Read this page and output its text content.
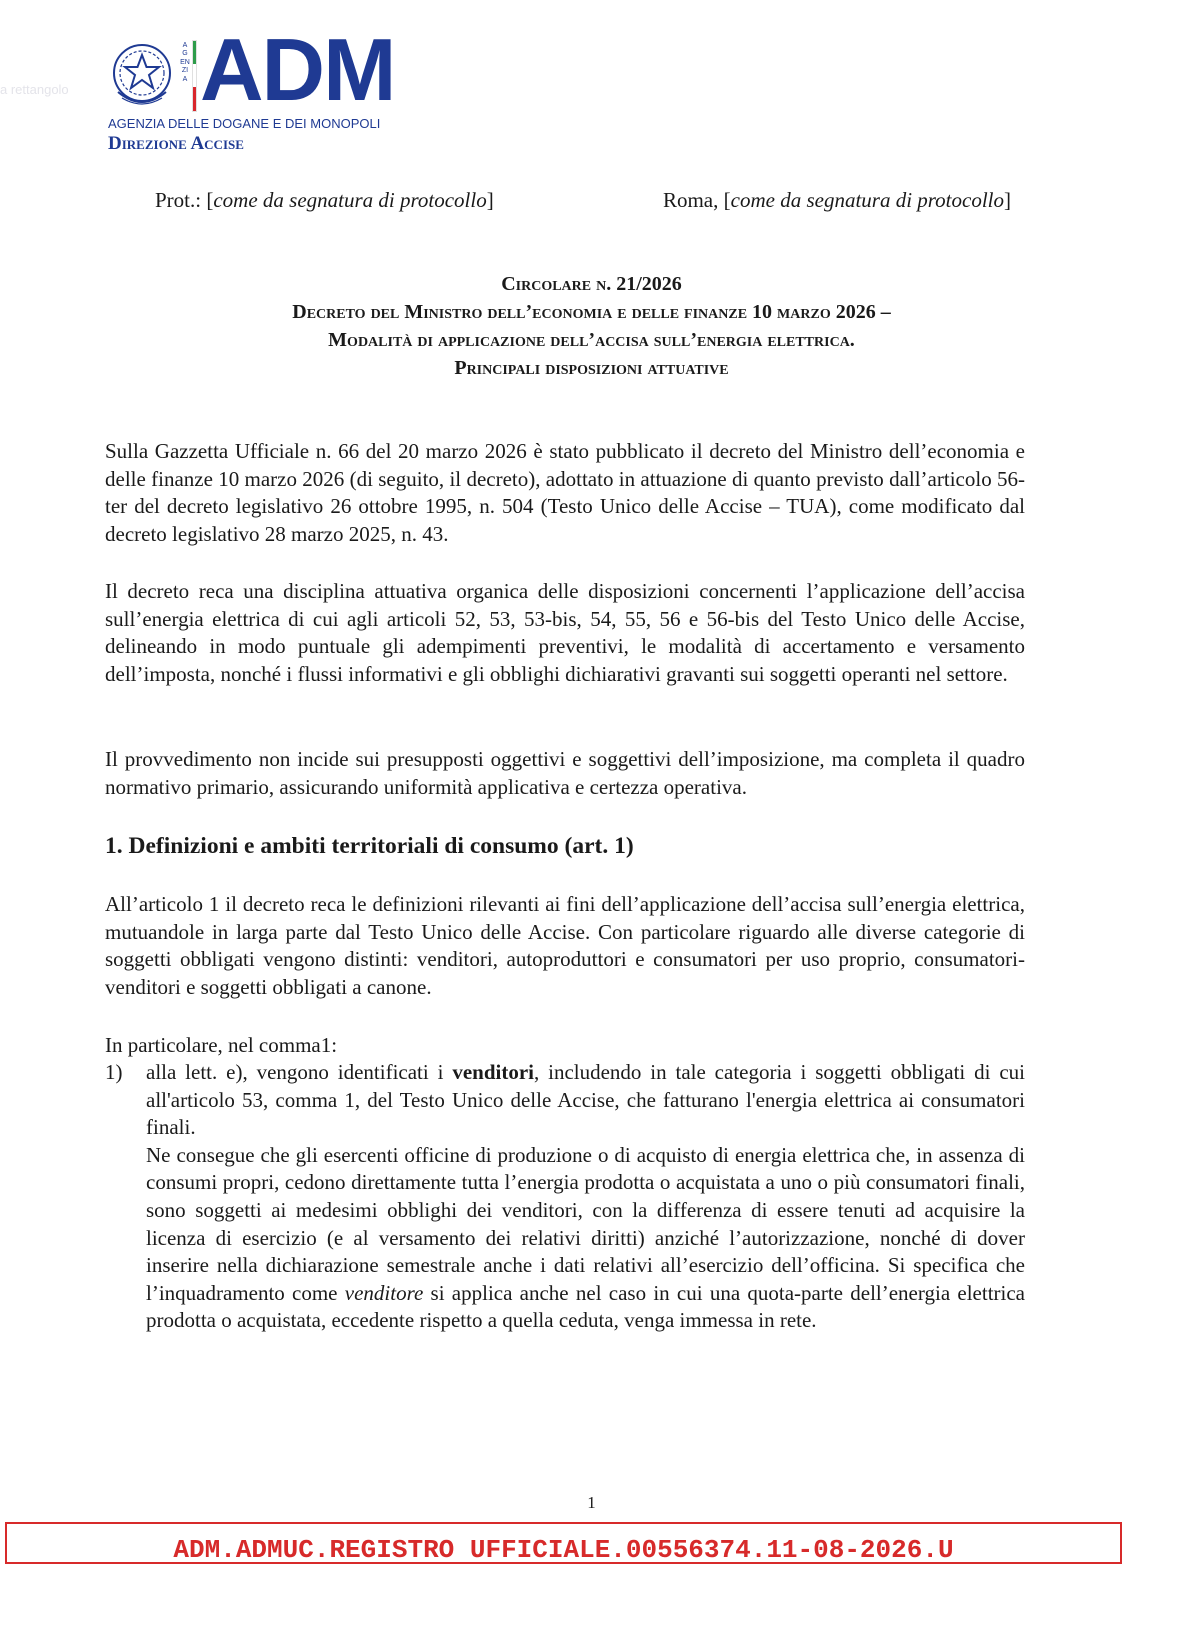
a rettangolo
AGENZIA ADM
AGENZIA DELLE DOGANE E DEI MONOPOLI
Direzione Accise
Prot.: [come da segnatura di protocollo]	Roma, [come da segnatura di protocollo]
Circolare n. 21/2026
Decreto del Ministro dell’economia e delle finanze 10 marzo 2026 –
Modalità di applicazione dell’accisa sull’energia elettrica.
Principali disposizioni attuative
Sulla Gazzetta Ufficiale n. 66 del 20 marzo 2026 è stato pubblicato il decreto del Ministro dell’economia e delle finanze 10 marzo 2026 (di seguito, il decreto), adottato in attuazione di quanto previsto dall’articolo 56-ter del decreto legislativo 26 ottobre 1995, n. 504 (Testo Unico delle Accise – TUA), come modificato dal decreto legislativo 28 marzo 2025, n. 43.
Il decreto reca una disciplina attuativa organica delle disposizioni concernenti l’applicazione dell’accisa sull’energia elettrica di cui agli articoli 52, 53, 53-bis, 54, 55, 56 e 56-bis del Testo Unico delle Accise, delineando in modo puntuale gli adempimenti preventivi, le modalità di accertamento e versamento dell’imposta, nonché i flussi informativi e gli obblighi dichiarativi gravanti sui soggetti operanti nel settore.
Il provvedimento non incide sui presupposti oggettivi e soggettivi dell’imposizione, ma completa il quadro normativo primario, assicurando uniformità applicativa e certezza operativa.
1. Definizioni e ambiti territoriali di consumo (art. 1)
All’articolo 1 il decreto reca le definizioni rilevanti ai fini dell’applicazione dell’accisa sull’energia elettrica, mutuandole in larga parte dal Testo Unico delle Accise. Con particolare riguardo alle diverse categorie di soggetti obbligati vengono distinti: venditori, autoproduttori e consumatori per uso proprio, consumatori-venditori e soggetti obbligati a canone.
In particolare, nel comma1:
1) alla lett. e), vengono identificati i venditori, includendo in tale categoria i soggetti obbligati di cui all'articolo 53, comma 1, del Testo Unico delle Accise, che fatturano l'energia elettrica ai consumatori finali.

Ne consegue che gli esercenti officine di produzione o di acquisto di energia elettrica che, in assenza di consumi propri, cedono direttamente tutta l’energia prodotta o acquistata a uno o più consumatori finali, sono soggetti ai medesimi obblighi dei venditori, con la differenza di essere tenuti ad acquisire la licenza di esercizio (e al versamento dei relativi diritti) anziché l’autorizzazione, nonché di dover inserire nella dichiarazione semestrale anche i dati relativi all’esercizio dell’officina. Si specifica che l’inquadramento come venditore si applica anche nel caso in cui una quota-parte dell’energia elettrica prodotta o acquistata, eccedente rispetto a quella ceduta, venga immessa in rete.

1
ADM.ADMUC.REGISTRO UFFICIALE.00556374.11-08-2026.U
